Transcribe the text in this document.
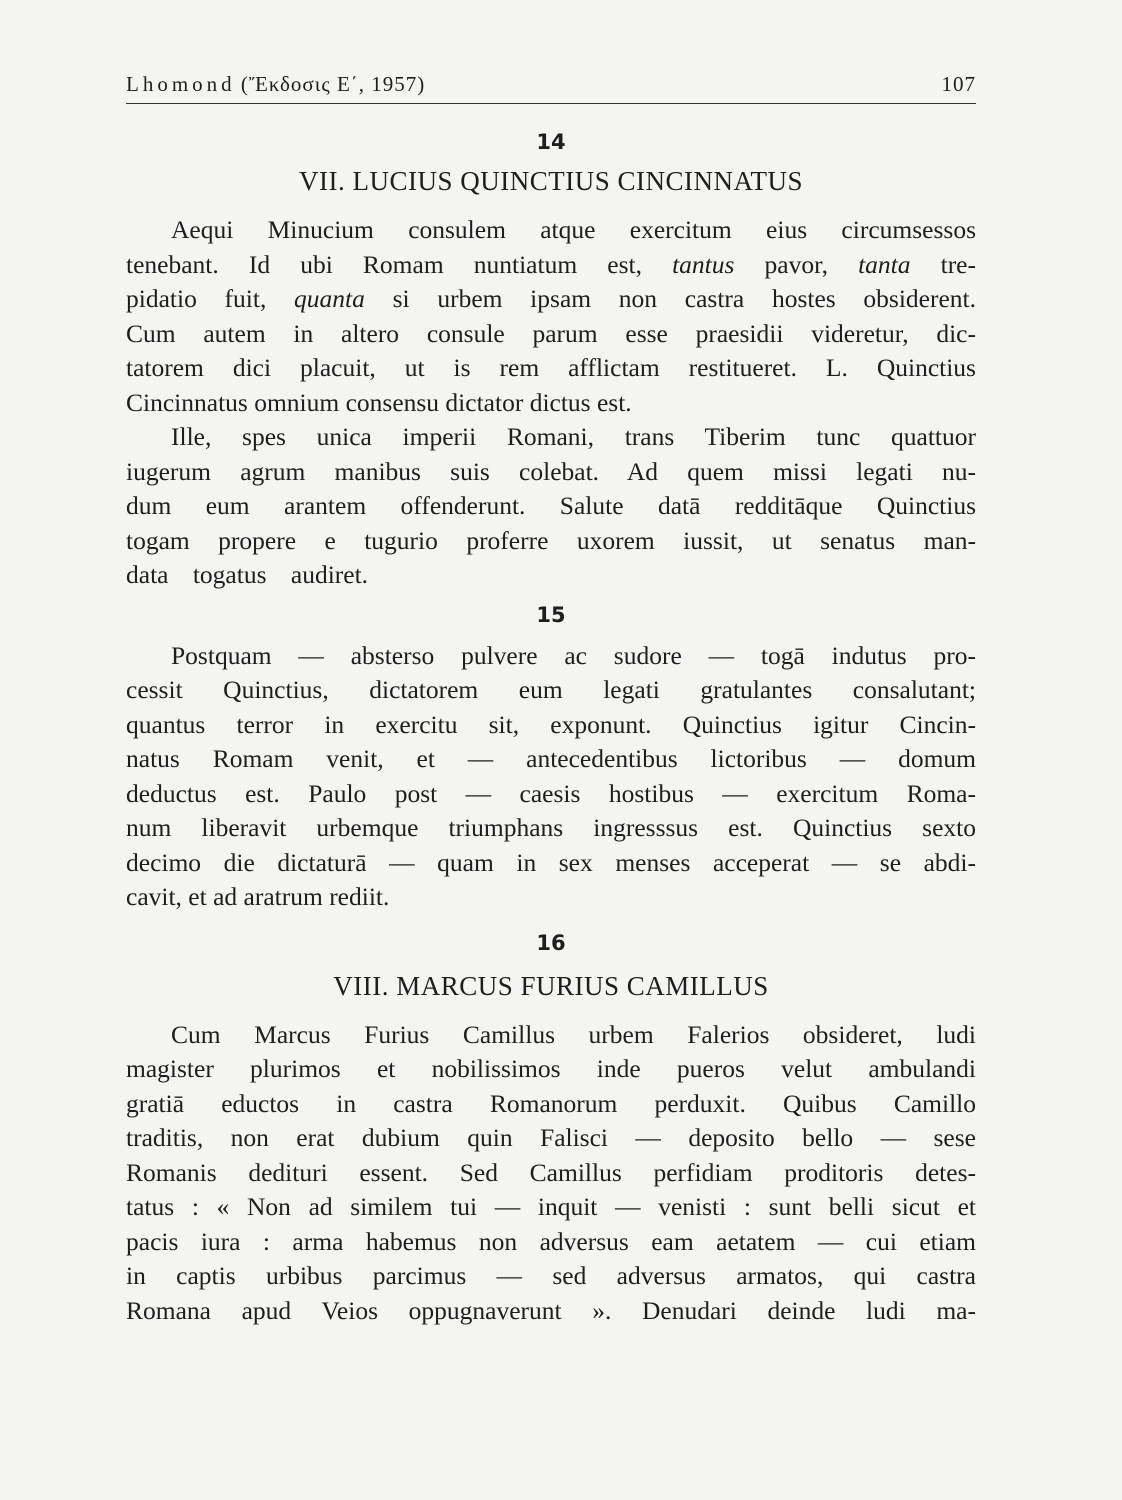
Lhomond (Ἔκδοσις Ε΄, 1957)	107
14
VII. LUCIUS QUINCTIUS CINCINNATUS
Aequi Minucium consulem atque exercitum eius circumsessos
tenebant. Id ubi Romam nuntiatum est, tantus pavor, tanta tre-
pidatio fuit, quanta si urbem ipsam non castra hostes obsiderent.
Cum autem in altero consule parum esse praesidii videretur, dic-
tatorem dici placuit, ut is rem afflictam restitueret. L. Quinctius
Cincinnatus omnium consensu dictator dictus est.
Ille, spes unica imperii Romani, trans Tiberim tunc quattuor
iugerum agrum manibus suis colebat. Ad quem missi legati nu-
dum eum arantem offenderunt. Salute datā redditāque Quinctius
togam propere e tugurio proferre uxorem iussit, ut senatus man-
data togatus audiret.
15
Postquam — absterso pulvere ac sudore — togā indutus pro-
cessit Quinctius, dictatorem eum legati gratulantes consalutant;
quantus terror in exercitu sit, exponunt. Quinctius igitur Cincin-
natus Romam venit, et — antecedentibus lictoribus — domum
deductus est. Paulo post — caesis hostibus — exercitum Roma-
num liberavit urbemque triumphans ingresssus est. Quinctius sexto
decimo die dictaturā — quam in sex menses acceperat — se abdi-
cavit, et ad aratrum rediit.
16
VIII. MARCUS FURIUS CAMILLUS
Cum Marcus Furius Camillus urbem Falerios obsideret, ludi
magister plurimos et nobilissimos inde pueros velut ambulandi
gratiā eductos in castra Romanorum perduxit. Quibus Camillo
traditis, non erat dubium quin Falisci — deposito bello — sese
Romanis dedituri essent. Sed Camillus perfidiam proditoris detes-
tatus : « Non ad similem tui — inquit — venisti : sunt belli sicut et
pacis iura : arma habemus non adversus eam aetatem — cui etiam
in captis urbibus parcimus — sed adversus armatos, qui castra
Romana apud Veios oppugnaverunt ». Denudari deinde ludi ma-
